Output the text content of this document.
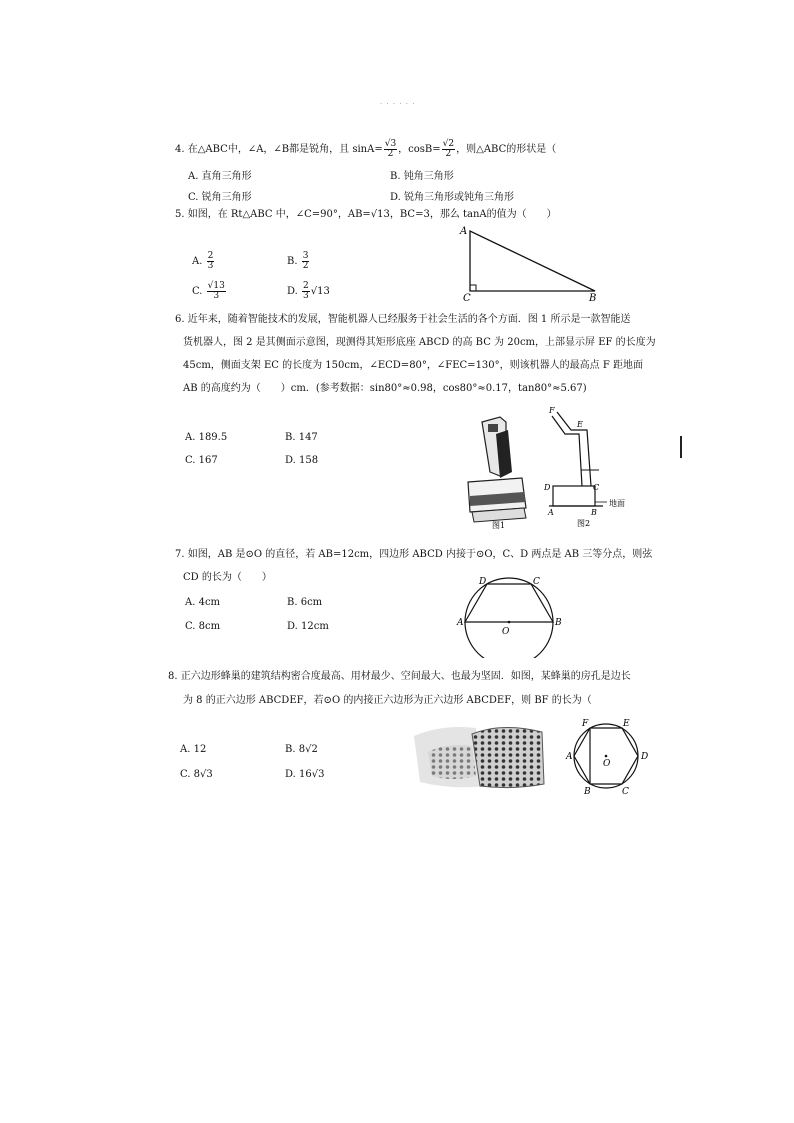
· · · · · ·
4. 在△ABC中，∠A，∠B都是锐角，且 $\sin A= \frac{√3}{2}$ ，$\cos B= \frac{√2}{2}$ ，则△ABC的形状是（
A. 直角三角形	B. 钝角三角形
C. 锐角三角形	D. 锐角三角形或钝角三角形
5. 如图，在 Rt△ABC 中，∠C=90°，AB=√13，BC=3，那么 tanA的值为（　　）
A. $\frac{2}{3}$	B. $\frac{3}{2}$
C. $\frac{√13}{3}$	D. $\frac{2}{3} √13$
A
C	B
6. 近年来，随着智能技术的发展，智能机器人已经服务于社会生活的各个方面．图 1 所示是一款智能送
货机器人，图 2 是其侧面示意图，现测得其矩形底座 ABCD 的高 BC 为 20cm，上部显示屏 EF 的长度为
45cm，侧面支架 EC 的长度为 150cm，∠ECD=80°，∠FEC=130°，则该机器人的最高点 F 距地面
AB 的高度约为（　　）cm．(参考数据：sin80°≈0.98，cos80°≈0.17，tan80°≈5.67)
A. 189.5	B. 147
C. 167	D. 158
图1
F
E
D	C
A	B
地面
图2
7. 如图，AB 是⊙O 的直径，若 AB=12cm，四边形 ABCD 内接于⊙O，C、D 两点是 AB 三等分点，则弦
CD 的长为（　　）
A. 4cm	B. 6cm
C. 8cm	D. 12cm	A	B
D	C
O
8. 正六边形蜂巢的建筑结构密合度最高、用材最少、空间最大、也最为坚固．如图，某蜂巢的房孔是边长
为 8 的正六边形 ABCDEF，若⊙O 的内接正六边形为正六边形 ABCDEF，则 BF 的长为（
A. 12	B. 8√2
C. 8√3	D. 16√3
A
F	E
D
B	C
O
